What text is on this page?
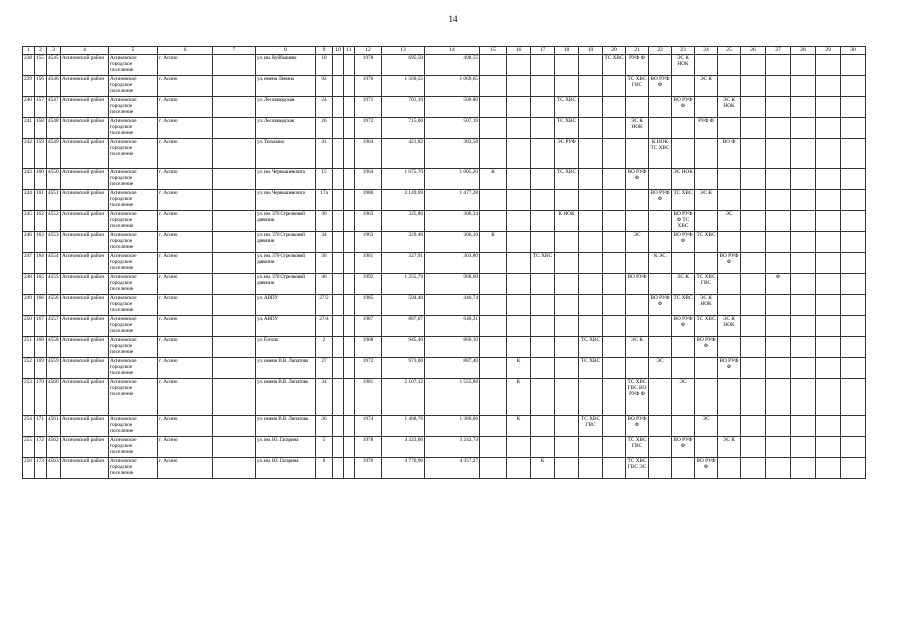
14
1	2	3	4	5	6	7	8	9	10	11	12	13	14	15	16	17	18	19	20	21	22	23	24	25	26	27	28	29	30
238	155	4545	Асиновский район	Асиновское городское поселение	г. Асино		ул. им. Куйбышева	10			1978	695,50	498,55						ТС ХВС	РУФ Ф		ЭС К НОК							
239	156	4546	Асиновский район	Асиновское городское поселение	г. Асино		ул. имени Ленина	92			1976	1 560,55	1 069,65							ТС ХВС ГВС	ВО РУФ Ф		ЭС К						
240	157	4547	Асиновский район	Асиновское городское поселение	г. Асино		ул. Лесозаводская	24			1971	701,10	500,80				ТС ХВС					ВО РУФ Ф		ЭС К НОК					
241	158	4548	Асиновский район	Асиновское городское поселение	г. Асино		ул. Лесозаводская	26			1972	715,00	507,10				ТС ХВС			ЭС К НОК			РУФ Ф						
242	159	4549	Асиновский район	Асиновское городское поселение	г. Асино		ул. Тельмана	41			1964	421,82	383,58				ЭС РУФ				К НОК ТС ХВС			ВО Ф					
243	160	4550	Асиновский район	Асиновское городское поселение	г. Асино		ул. им. Чернышевского	15			1964	1 075,70	1 005,20	К			ТС ХВС			ВО РУФ Ф		ЭС НОК							
244	161	4551	Асиновский район	Асиновское городское поселение	г. Асино		ул. им. Чернышевского	17а			1986	2 149,69	1 477,28								ВО РУФ Ф	ТС ХВС	ЭС К						
245	162	4552	Асиновский район	Асиновское городское поселение	г. Асино		ул. им. 370 Стрелковой дивизии	30			1963	325,86	306,34				К НОК					ВО РУФ Ф ТС ХВС		ЭС					
246	163	4553	Асиновский район	Асиновское городское поселение	г. Асино		ул. им. 370 Стрелковой дивизии	34			1963	329,46	306,10	К						ЭС		ВО РУФ Ф	ТС ХВС						
247	164	4554	Асиновский район	Асиновское городское поселение	г. Асино		ул. им. 370 Стрелковой дивизии	36			1961	327,91	303,80			ТС ХВС					К ЭС			ВО РУФ Ф					
248	165	4555	Асиновский район	Асиновское городское поселение	г. Асино		ул. им. 370 Стрелковой дивизии	46			1992	1 255,79	968,60							ВО РУФ		ЭС К	ТС ХВС ГВС			Ф			
249	166	4556	Асиновский район	Асиновское городское поселение	г. Асино		ул. АВПУ	27/2			1985	594,40	440,74								ВО РУФ Ф	ТС ХВС	ЭС К НОК						
250	167	4557	Асиновский район	Асиновское городское поселение	г. Асино		ул. АВПУ	27/4			1987	887,07	648,21									ВО РУФ Ф	ТС ХВС	ЭС К НОК					
251	168	4558	Асиновский район	Асиновское городское поселение	г. Асино		ул. Гоголя	2			1968	945,40	860,10					ТС ХВС		ЭС К			ВО РУФ Ф						
252	169	4559	Асиновский район	Асиновское городское поселение	г. Асино		ул. имени В.В. Липатова	27			1972	973,00	887,40		К			ТС ХВС			ЭС			ВО РУФ Ф					
253	170	4560	Асиновский район	Асиновское городское поселение	г. Асино		ул. имени В.В. Липатова	34			1981	2 107,12	1 555,88		К					ТС ХВС ГВС ВО РУФ Ф		ЭС							
254	171	4561	Асиновский район	Асиновское городское поселение	г. Асино		ул. имени В.В. Липатова	36			1974	1 468,76	1 380,66		К			ТС ХВС ГВС		ВО РУФ Ф			ЭС						
255	172	4562	Асиновский район	Асиновское городское поселение	г. Асино		ул. им. Ю. Гагарина	5			1978	4 323,00	3 243,74							ТС ХВС ГВС		ВО РУФ Ф		ЭС К					
256	173	4563	Асиновский район	Асиновское городское поселение	г. Асино		ул. им. Ю. Гагарина	6			1976	4 770,96	4 357,27			К				ТС ХВС ГВС ЭС			ВО РУФ Ф						
